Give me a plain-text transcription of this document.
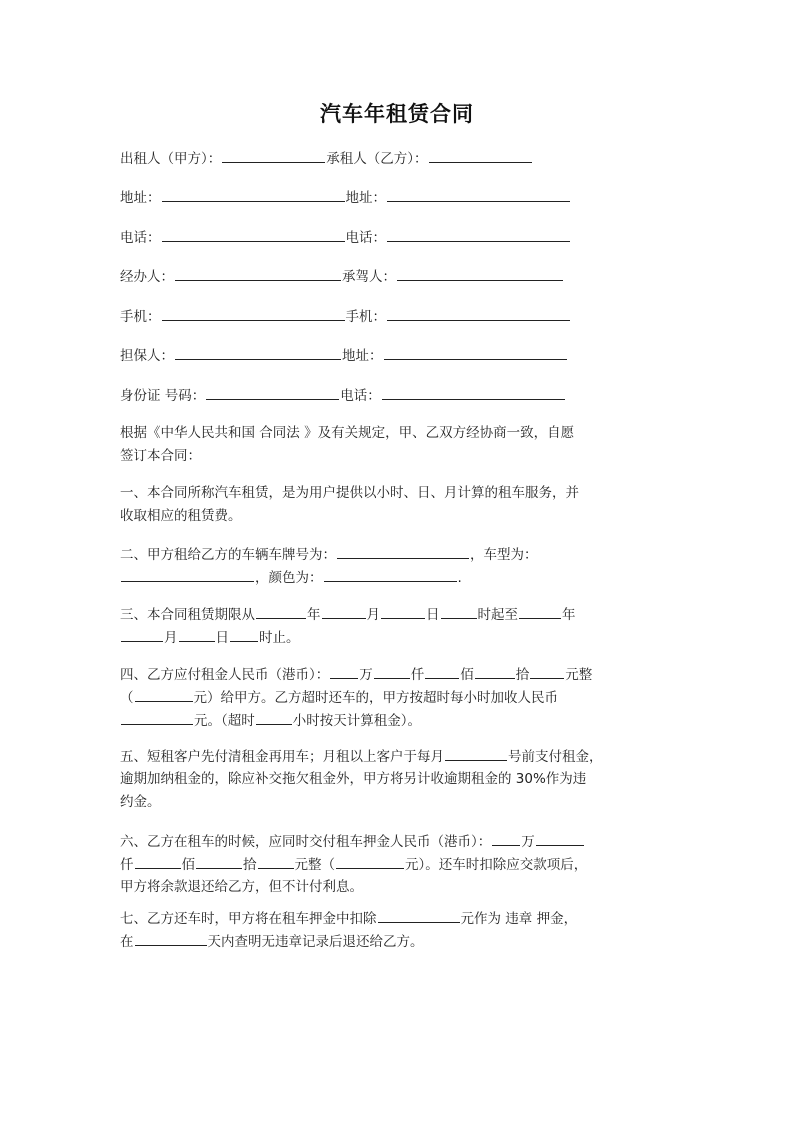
汽车年租赁合同
出租人（甲方）：	承租人（乙方）：
地址：	地址：
电话：	电话：
经办人：	承驾人：
手机：	手机：
担保人：	地址：
身份证 号码：	电话：
根据《中华人民共和国 合同法 》及有关规定，甲、乙双方经协商一致，自愿
签订本合同：
一、本合同所称汽车租赁，是为用户提供以小时、日、月计算的租车服务，并
收取相应的租赁费。
二、甲方租给乙方的车辆车牌号为：	，车型为：
，颜色为：	.
三、本合同租赁期限从	年	月	日	时起至	年
月	日 时止。
四、乙方应付租金人民币（港币）： 万	仟	佰	拾	元整
（	元）给甲方。乙方超时还车的，甲方按超时每小时加收人民币
元。（超时	小时按天计算租金）。
五、短租客户先付清租金再用车；月租以上客户于每月	号前支付租金，
逾期加纳租金的，除应补交拖欠租金外，甲方将另计收逾期租金的 30%作为违
约金。
六、乙方在租车的时候，应同时交付租车押金人民币（港币）： 万
仟	佰	拾	元整（	元）。还车时扣除应交款项后，
甲方将余款退还给乙方，但不计付利息。
七、乙方还车时，甲方将在租车押金中扣除	元作为 违章 押金，
在	天内查明无违章记录后退还给乙方。
